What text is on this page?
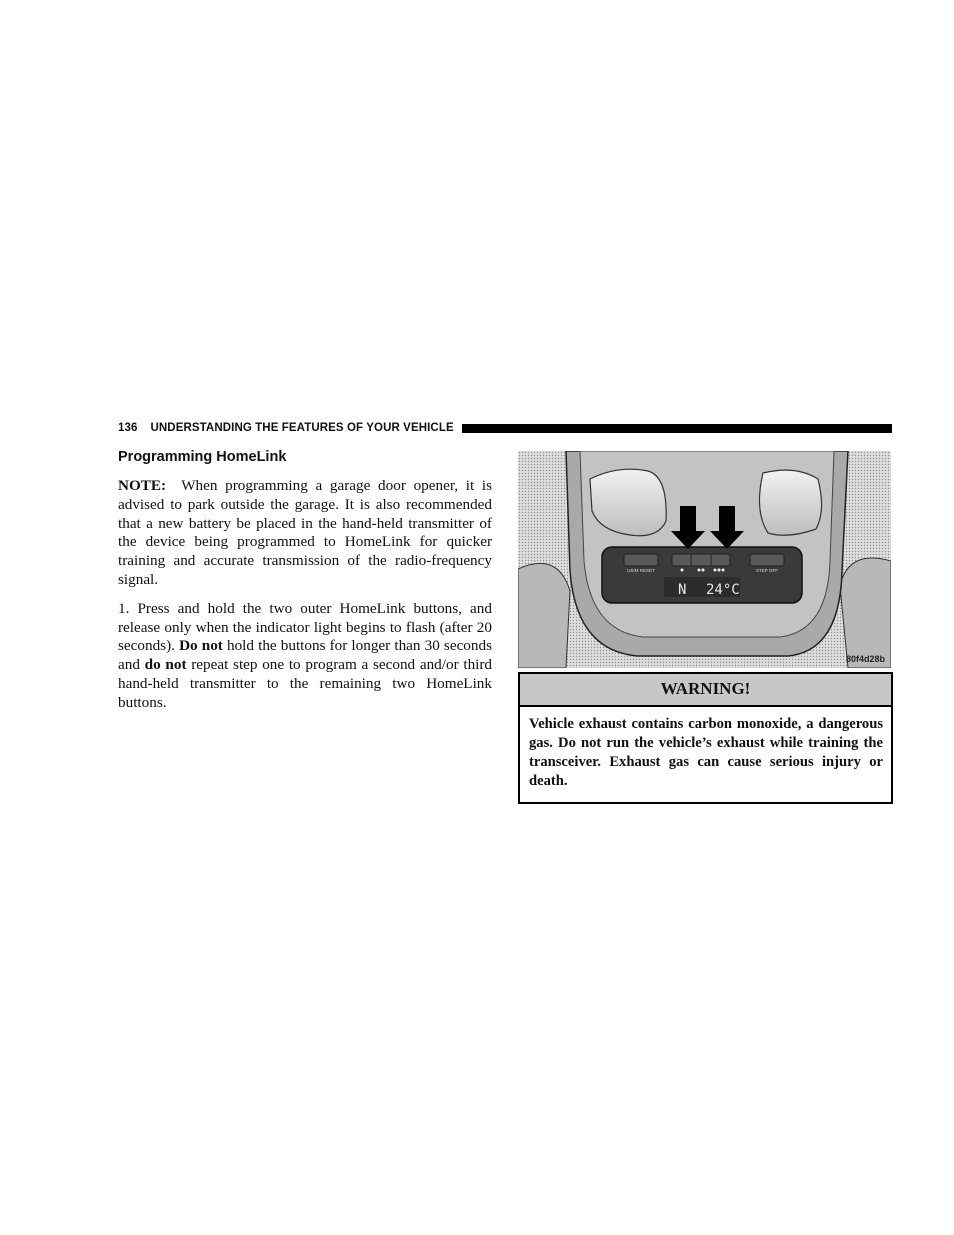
136 UNDERSTANDING THE FEATURES OF YOUR VEHICLE
Programming HomeLink

NOTE: When programming a garage door opener, it is advised to park outside the garage. It is also recommended that a new battery be placed in the hand-held transmitter of the device being programmed to HomeLink for quicker training and accurate transmission of the radio-frequency signal.

1. Press and hold the two outer HomeLink buttons, and release only when the indicator light begins to flash (after 20 seconds). Do not hold the buttons for longer than 30 seconds and do not repeat step one to program a second and/or third hand-held transmitter to the remaining two HomeLink buttons.

US/M RESET	STEP OFF
N 24°C
80f4d28b
WARNING!
Vehicle exhaust contains carbon monoxide, a dangerous gas. Do not run the vehicle’s exhaust while training the transceiver. Exhaust gas can cause serious injury or death.
